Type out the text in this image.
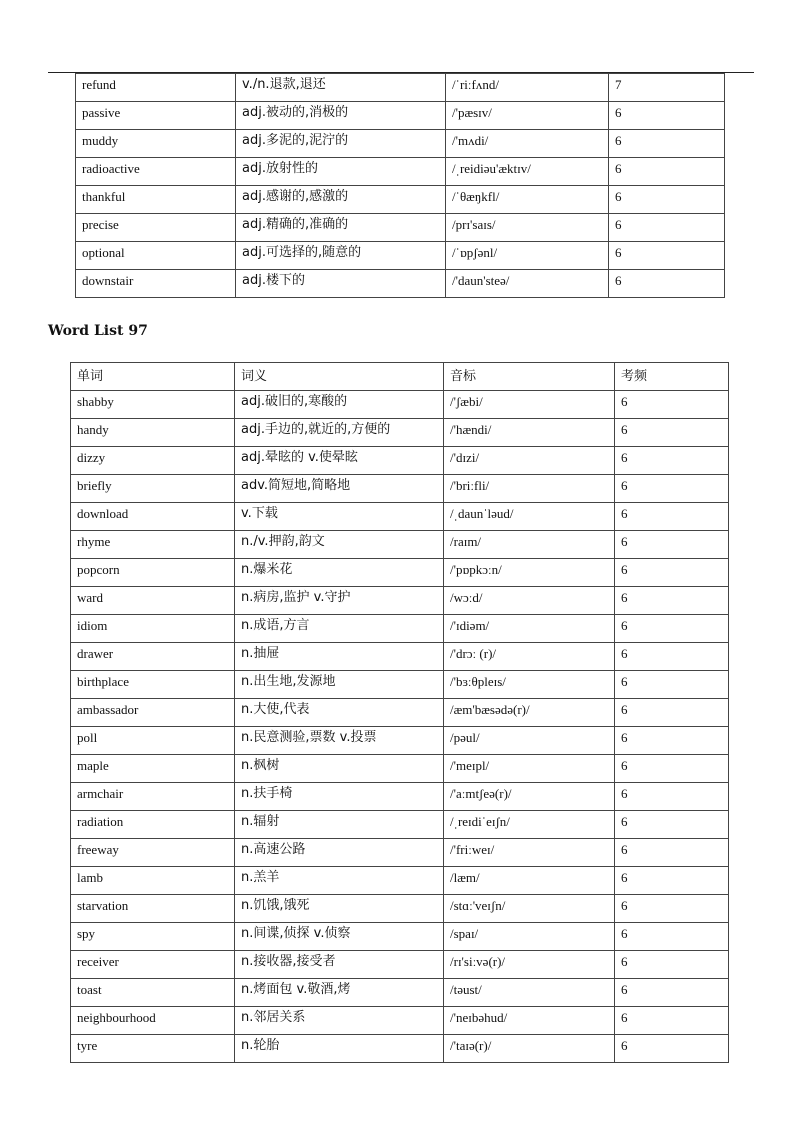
refund	v./n.退款,退还	/ˈriːfʌnd/	7
passive	adj.被动的,消极的	/'pæsɪv/	6
muddy	adj.多泥的,泥泞的	/'mʌdi/	6
radioactive	adj.放射性的	/ˌreidiəu'æktɪv/	6
thankful	adj.感谢的,感激的	/ˈθæŋkfl/	6
precise	adj.精确的,准确的	/prɪ'saɪs/	6
optional	adj.可选择的,随意的	/ˈɒpʃənl/	6
downstair	adj.楼下的	/'daun'steə/	6
Word List 97
单词	词义	音标	考频
shabby	adj.破旧的,寒酸的	/'ʃæbi/	6
handy	adj.手边的,就近的,方便的	/'hændi/	6
dizzy	adj.晕眩的 v.使晕眩	/'dɪzi/	6
briefly	adv.简短地,简略地	/'briːfli/	6
download	v.下载	/ˌdaunˈləud/	6
rhyme	n./v.押韵,韵文	/raɪm/	6
popcorn	n.爆米花	/'pɒpkɔːn/	6
ward	n.病房,监护 v.守护	/wɔːd/	6
idiom	n.成语,方言	/'ɪdiəm/	6
drawer	n.抽屉	/'drɔː (r)/	6
birthplace	n.出生地,发源地	/'bɜːθpleɪs/	6
ambassador	n.大使,代表	/æm'bæsədə(r)/	6
poll	n.民意测验,票数 v.投票	/pəul/	6
maple	n.枫树	/'meɪpl/	6
armchair	n.扶手椅	/'aːmtʃeə(r)/	6
radiation	n.辐射	/ˌreɪdiˈeɪʃn/	6
freeway	n.高速公路	/'friːweɪ/	6
lamb	n.羔羊	/læm/	6
starvation	n.饥饿,饿死	/stɑː'veɪʃn/	6
spy	n.间谍,侦探 v.侦察	/spaɪ/	6
receiver	n.接收器,接受者	/rɪ'siːvə(r)/	6
toast	n.烤面包 v.敬酒,烤	/təust/	6
neighbourhood	n.邻居关系	/'neɪbəhud/	6
tyre	n.轮胎	/'taɪə(r)/	6
